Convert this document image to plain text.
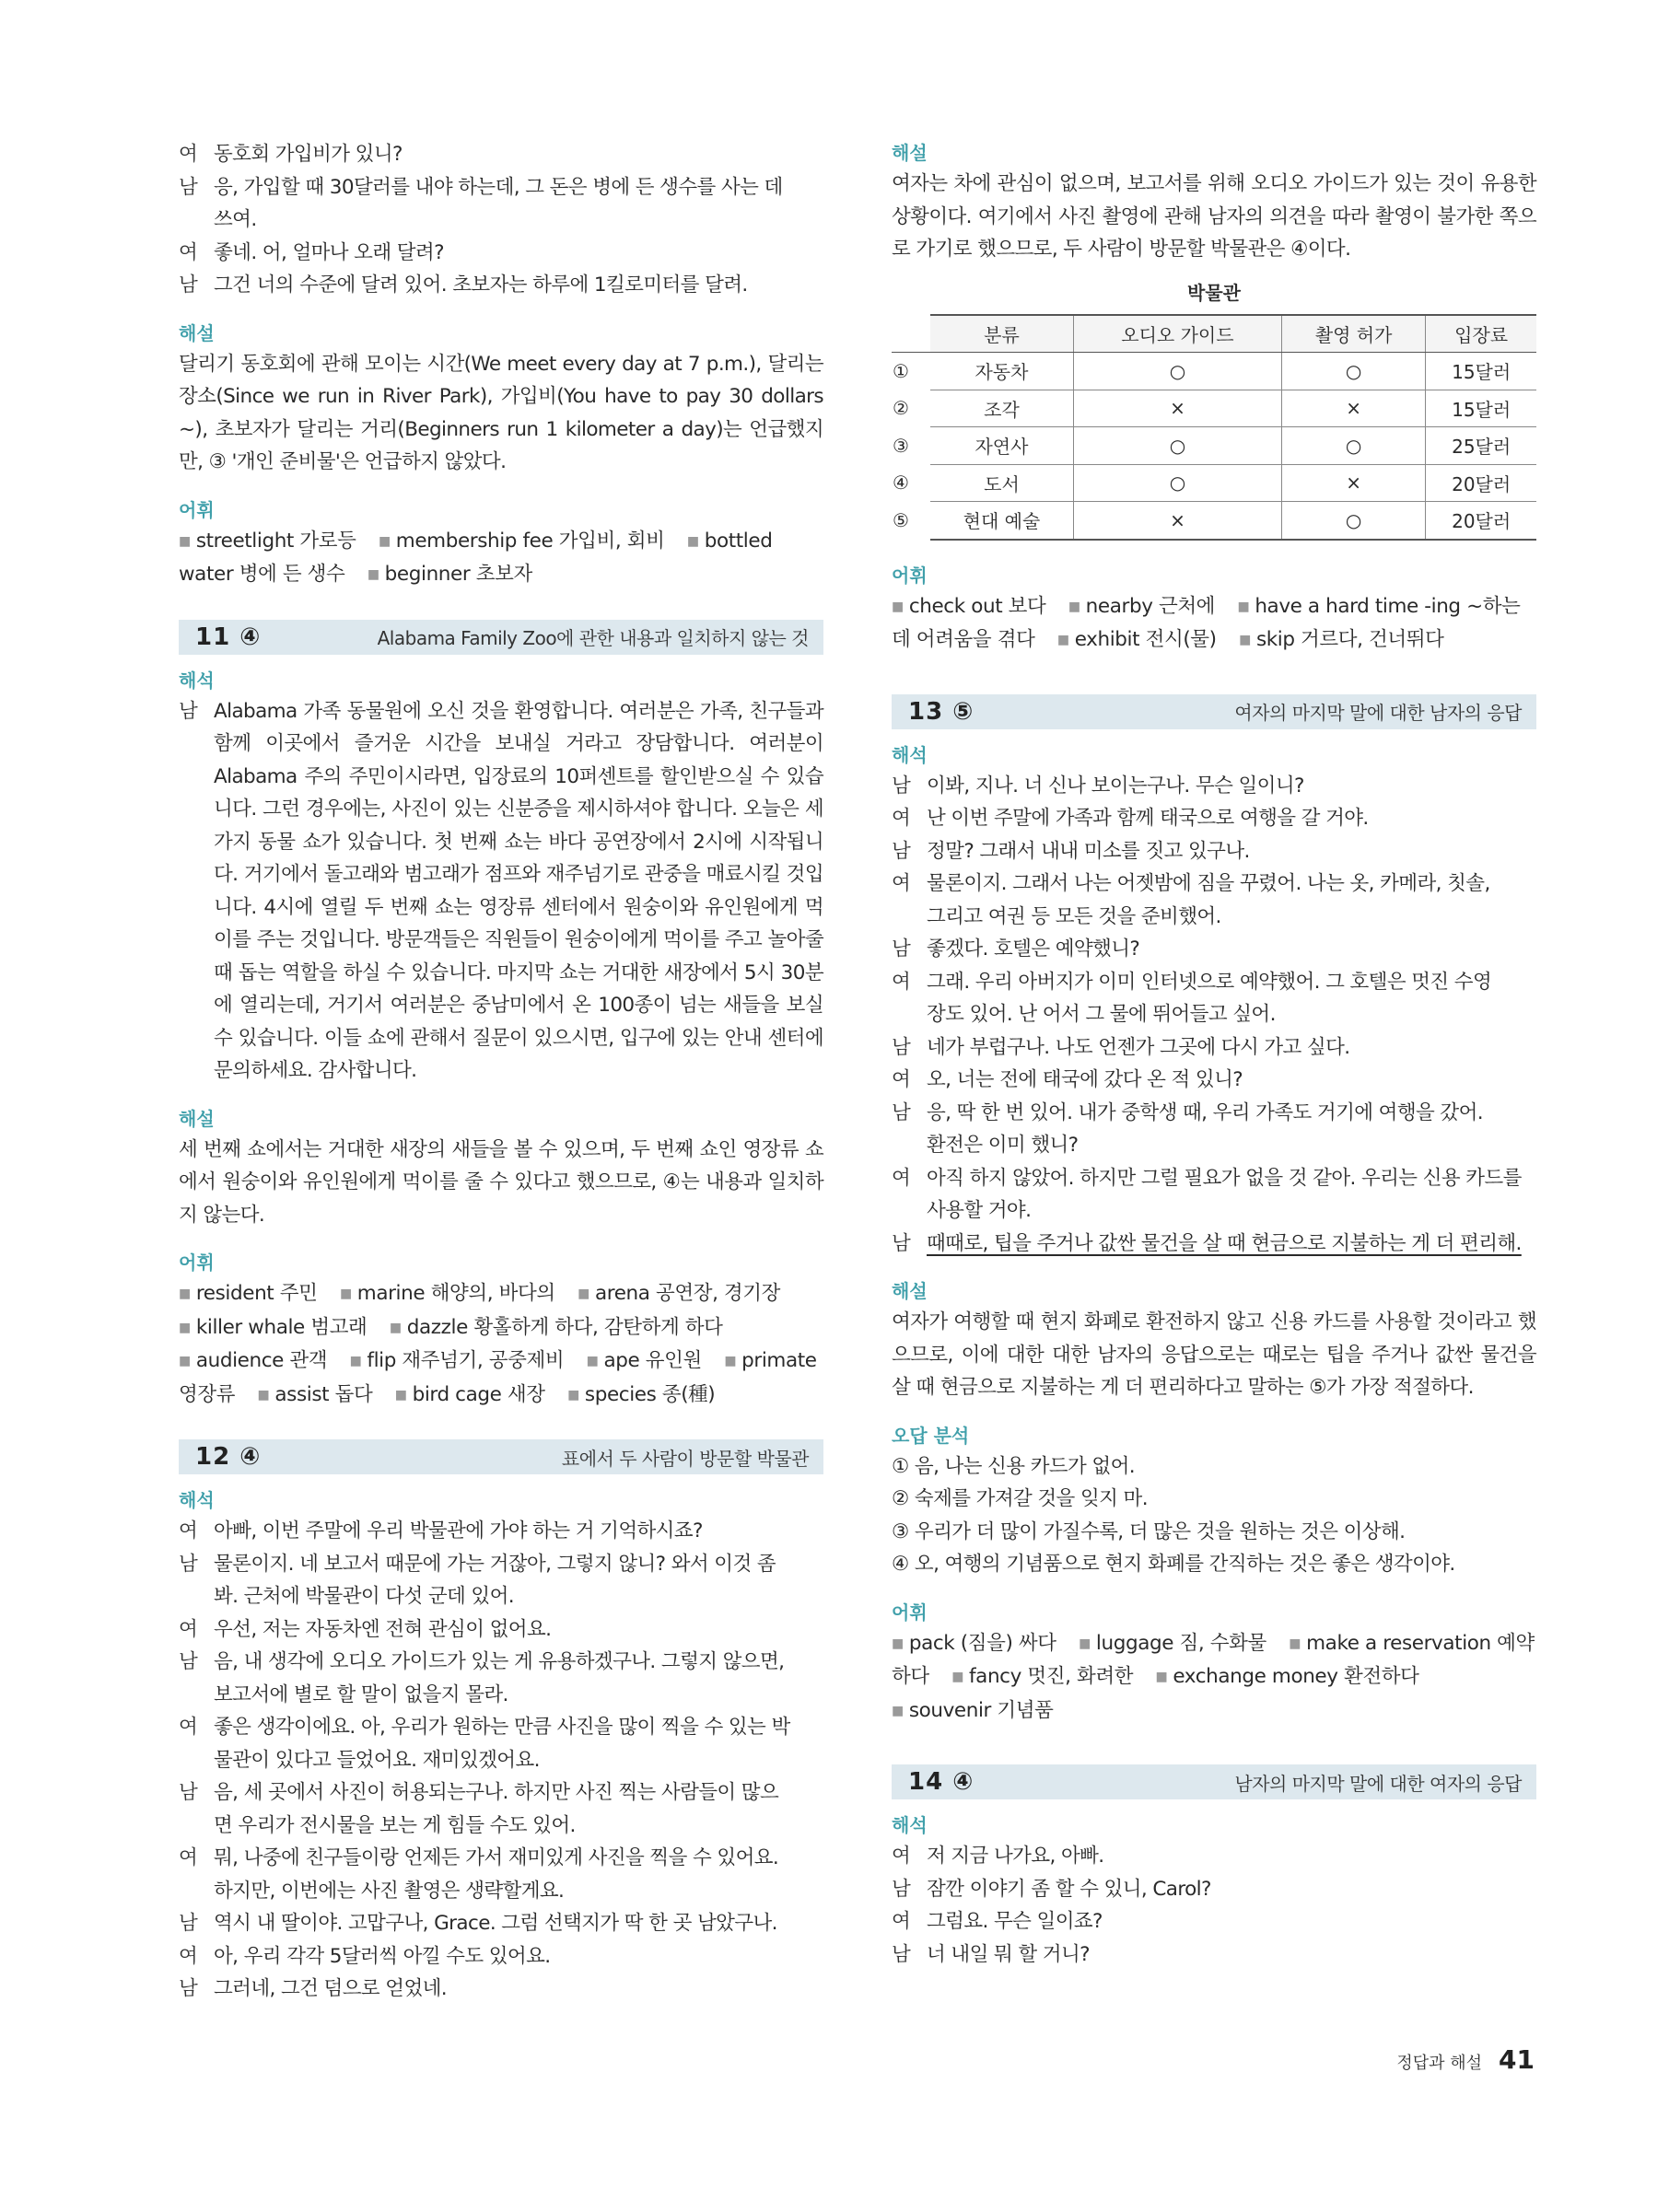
여 동호회 가입비가 있니?
남 응, 가입할 때 30달러를 내야 하는데, 그 돈은 병에 든 생수를 사는 데
쓰여.
여 좋네. 어, 얼마나 오래 달려?
남 그건 너의 수준에 달려 있어. 초보자는 하루에 1킬로미터를 달려.
해설
달리기 동호회에 관해 모이는 시간(We meet every day at 7 p.m.), 달리는 장소(Since we run in River Park), 가입비(You have to pay 30 dollars ~), 초보자가 달리는 거리(Beginners run 1 kilometer a day)는 언급했지만, ③ '개인 준비물'은 언급하지 않았다.
어휘
■ streetlight 가로등 ■ membership fee 가입비, 회비 ■ bottled water 병에 든 생수 ■ beginner 초보자
11 ④	Alabama Family Zoo에 관한 내용과 일치하지 않는 것
해석
남 Alabama 가족 동물원에 오신 것을 환영합니다. 여러분은 가족, 친구들과 함께 이곳에서 즐거운 시간을 보내실 거라고 장담합니다. 여러분이 Alabama 주의 주민이시라면, 입장료의 10퍼센트를 할인받으실 수 있습니다. 그런 경우에는, 사진이 있는 신분증을 제시하셔야 합니다. 오늘은 세 가지 동물 쇼가 있습니다. 첫 번째 쇼는 바다 공연장에서 2시에 시작됩니다. 거기에서 돌고래와 범고래가 점프와 재주넘기로 관중을 매료시킬 것입니다. 4시에 열릴 두 번째 쇼는 영장류 센터에서 원숭이와 유인원에게 먹이를 주는 것입니다. 방문객들은 직원들이 원숭이에게 먹이를 주고 놀아줄 때 돕는 역할을 하실 수 있습니다. 마지막 쇼는 거대한 새장에서 5시 30분에 열리는데, 거기서 여러분은 중남미에서 온 100종이 넘는 새들을 보실 수 있습니다. 이들 쇼에 관해서 질문이 있으시면, 입구에 있는 안내 센터에 문의하세요. 감사합니다.
해설
세 번째 쇼에서는 거대한 새장의 새들을 볼 수 있으며, 두 번째 쇼인 영장류 쇼에서 원숭이와 유인원에게 먹이를 줄 수 있다고 했으므로, ④는 내용과 일치하지 않는다.
어휘
■ resident 주민 ■ marine 해양의, 바다의 ■ arena 공연장, 경기장 ■ killer whale 범고래 ■ dazzle 황홀하게 하다, 감탄하게 하다 ■ audience 관객 ■ flip 재주넘기, 공중제비 ■ ape 유인원 ■ primate 영장류 ■ assist 돕다 ■ bird cage 새장 ■ species 종(種)
12 ④	표에서 두 사람이 방문할 박물관
해석
여 아빠, 이번 주말에 우리 박물관에 가야 하는 거 기억하시죠?
남 물론이지. 네 보고서 때문에 가는 거잖아, 그렇지 않니? 와서 이것 좀
봐. 근처에 박물관이 다섯 군데 있어.
여 우선, 저는 자동차엔 전혀 관심이 없어요.
남 음, 내 생각에 오디오 가이드가 있는 게 유용하겠구나. 그렇지 않으면,
보고서에 별로 할 말이 없을지 몰라.
여 좋은 생각이에요. 아, 우리가 원하는 만큼 사진을 많이 찍을 수 있는 박
물관이 있다고 들었어요. 재미있겠어요.
남 음, 세 곳에서 사진이 허용되는구나. 하지만 사진 찍는 사람들이 많으
면 우리가 전시물을 보는 게 힘들 수도 있어.
여 뭐, 나중에 친구들이랑 언제든 가서 재미있게 사진을 찍을 수 있어요.
하지만, 이번에는 사진 촬영은 생략할게요.
남 역시 내 딸이야. 고맙구나, Grace. 그럼 선택지가 딱 한 곳 남았구나.
여 아, 우리 각각 5달러씩 아낄 수도 있어요.
남 그러네, 그건 덤으로 얻었네.
해설
여자는 차에 관심이 없으며, 보고서를 위해 오디오 가이드가 있는 것이 유용한 상황이다. 여기에서 사진 촬영에 관해 남자의 의견을 따라 촬영이 불가한 쪽으로 가기로 했으므로, 두 사람이 방문할 박물관은 ④이다.
박물관
	분류	오디오 가이드	촬영 허가	입장료
①	자동차	○	○	15달러
②	조각	×	×	15달러
③	자연사	○	○	25달러
④	도서	○	×	20달러
⑤	현대 예술	×	○	20달러
어휘
■ check out 보다 ■ nearby 근처에 ■ have a hard time -ing ~하는 데 어려움을 겪다 ■ exhibit 전시(물) ■ skip 거르다, 건너뛰다
13 ⑤	여자의 마지막 말에 대한 남자의 응답
해석
남 이봐, 지나. 너 신나 보이는구나. 무슨 일이니?
여 난 이번 주말에 가족과 함께 태국으로 여행을 갈 거야.
남 정말? 그래서 내내 미소를 짓고 있구나.
여 물론이지. 그래서 나는 어젯밤에 짐을 꾸렸어. 나는 옷, 카메라, 칫솔,
그리고 여권 등 모든 것을 준비했어.
남 좋겠다. 호텔은 예약했니?
여 그래. 우리 아버지가 이미 인터넷으로 예약했어. 그 호텔은 멋진 수영
장도 있어. 난 어서 그 물에 뛰어들고 싶어.
남 네가 부럽구나. 나도 언젠가 그곳에 다시 가고 싶다.
여 오, 너는 전에 태국에 갔다 온 적 있니?
남 응, 딱 한 번 있어. 내가 중학생 때, 우리 가족도 거기에 여행을 갔어.
환전은 이미 했니?
여 아직 하지 않았어. 하지만 그럴 필요가 없을 것 같아. 우리는 신용 카드를
사용할 거야.
남 때때로, 팁을 주거나 값싼 물건을 살 때 현금으로 지불하는 게 더 편리해.
해설
여자가 여행할 때 현지 화폐로 환전하지 않고 신용 카드를 사용할 것이라고 했으므로, 이에 대한 대한 남자의 응답으로는 때로는 팁을 주거나 값싼 물건을 살 때 현금으로 지불하는 게 더 편리하다고 말하는 ⑤가 가장 적절하다.
오답 분석
① 음, 나는 신용 카드가 없어.
② 숙제를 가져갈 것을 잊지 마.
③ 우리가 더 많이 가질수록, 더 많은 것을 원하는 것은 이상해.
④ 오, 여행의 기념품으로 현지 화폐를 간직하는 것은 좋은 생각이야.
어휘
■ pack (짐을) 싸다 ■ luggage 짐, 수화물 ■ make a reservation 예약하다 ■ fancy 멋진, 화려한 ■ exchange money 환전하다 ■ souvenir 기념품
14 ④	남자의 마지막 말에 대한 여자의 응답
해석
여 저 지금 나가요, 아빠.
남 잠깐 이야기 좀 할 수 있니, Carol?
여 그럼요. 무슨 일이죠?
남 너 내일 뭐 할 거니?
정답과 해설 41
